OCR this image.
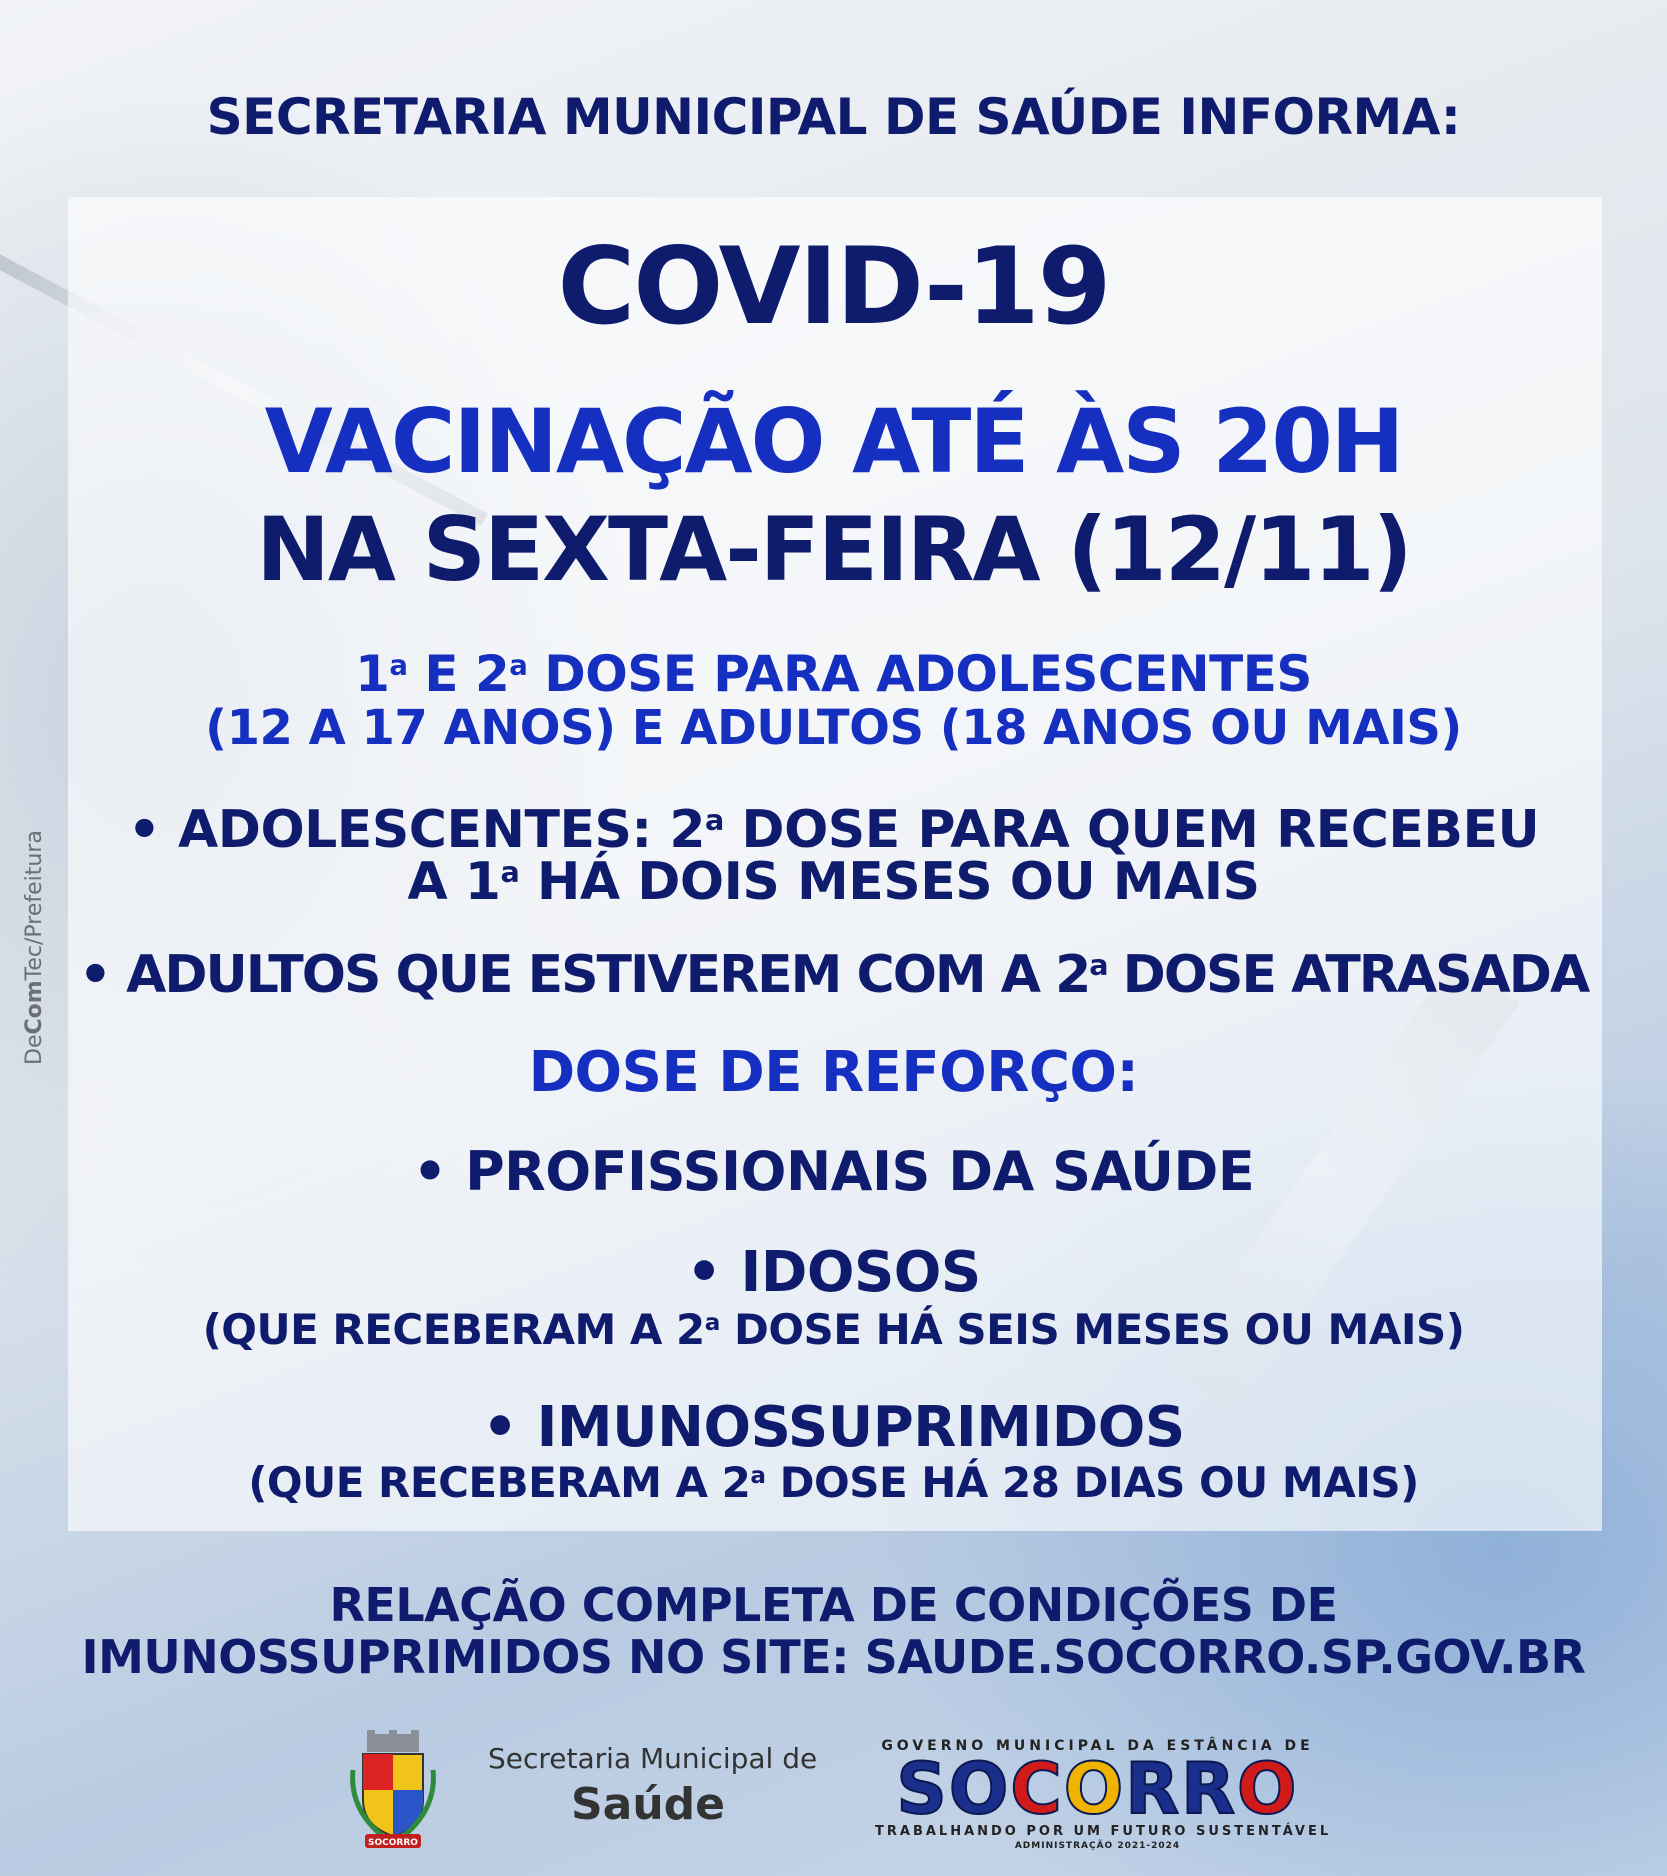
DeComTec/Prefeitura
SECRETARIA MUNICIPAL DE SAÚDE INFORMA:
COVID-19
VACINAÇÃO ATÉ ÀS 20H
NA SEXTA-FEIRA (12/11)
1$^a$ E 2$^a$ DOSE PARA ADOLESCENTES
(12 A 17 ANOS) E ADULTOS (18 ANOS OU MAIS)
• ADOLESCENTES: 2$^a$ DOSE PARA QUEM RECEBEU
A 1$^a$ HÁ DOIS MESES OU MAIS
• ADULTOS QUE ESTIVEREM COM A 2$^a$ DOSE ATRASADA
DOSE DE REFORÇO:
• PROFISSIONAIS DA SAÚDE
• IDOSOS
(QUE RECEBERAM A 2$^a$ DOSE HÁ SEIS MESES OU MAIS)
• IMUNOSSUPRIMIDOS
(QUE RECEBERAM A 2$^a$ DOSE HÁ 28 DIAS OU MAIS)
RELAÇÃO COMPLETA DE CONDIÇÕES DE
IMUNOSSUPRIMIDOS NO SITE: SAUDE.SOCORRO.SP.GOV.BR
SOCORRO
Secretaria Municipal de
Saúde
GOVERNO MUNICIPAL DA ESTÂNCIA DE
SOCORRO
TRABALHANDO POR UM FUTURO SUSTENTÁVEL
ADMINISTRAÇÃO 2021-2024
